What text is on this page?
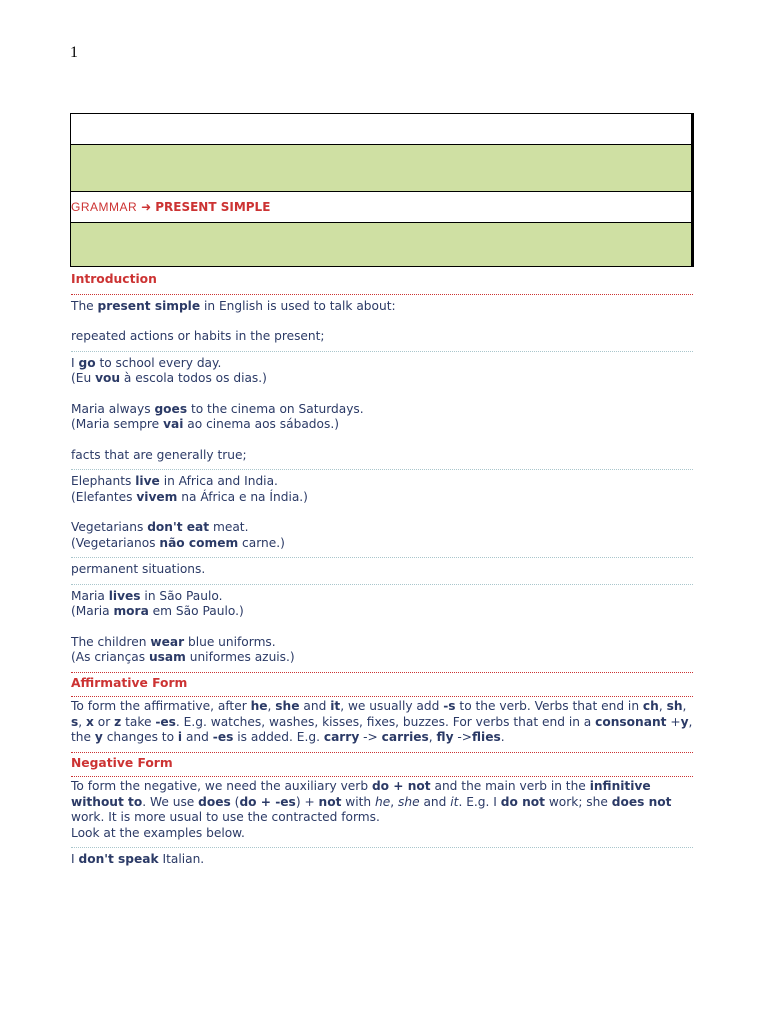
1
GRAMMAR ➜ PRESENT SIMPLE
Introduction

The present simple in English is used to talk about:

repeated actions or habits in the present;

I go to school every day.
(Eu vou à escola todos os dias.)

Maria always goes to the cinema on Saturdays.
(Maria sempre vai ao cinema aos sábados.)

facts that are generally true;

Elephants live in Africa and India.
(Elefantes vivem na África e na Índia.)

Vegetarians don't eat meat.
(Vegetarianos não comem carne.)

permanent situations.

Maria lives in São Paulo.
(Maria mora em São Paulo.)

The children wear blue uniforms.
(As crianças usam uniformes azuis.)

Affirmative Form

To form the affirmative, after he, she and it, we usually add -s to the verb. Verbs that end in ch, sh, s, x or z take -es. E.g. watches, washes, kisses, fixes, buzzes. For verbs that end in a consonant +y, the y changes to i and -es is added. E.g. carry -> carries, fly ->flies.

Negative Form

To form the negative, we need the auxiliary verb do + not and the main verb in the infinitive without to. We use does (do + -es) + not with he, she and it. E.g. I do not work; she does not work. It is more usual to use the contracted forms.
Look at the examples below.

I don't speak Italian.
